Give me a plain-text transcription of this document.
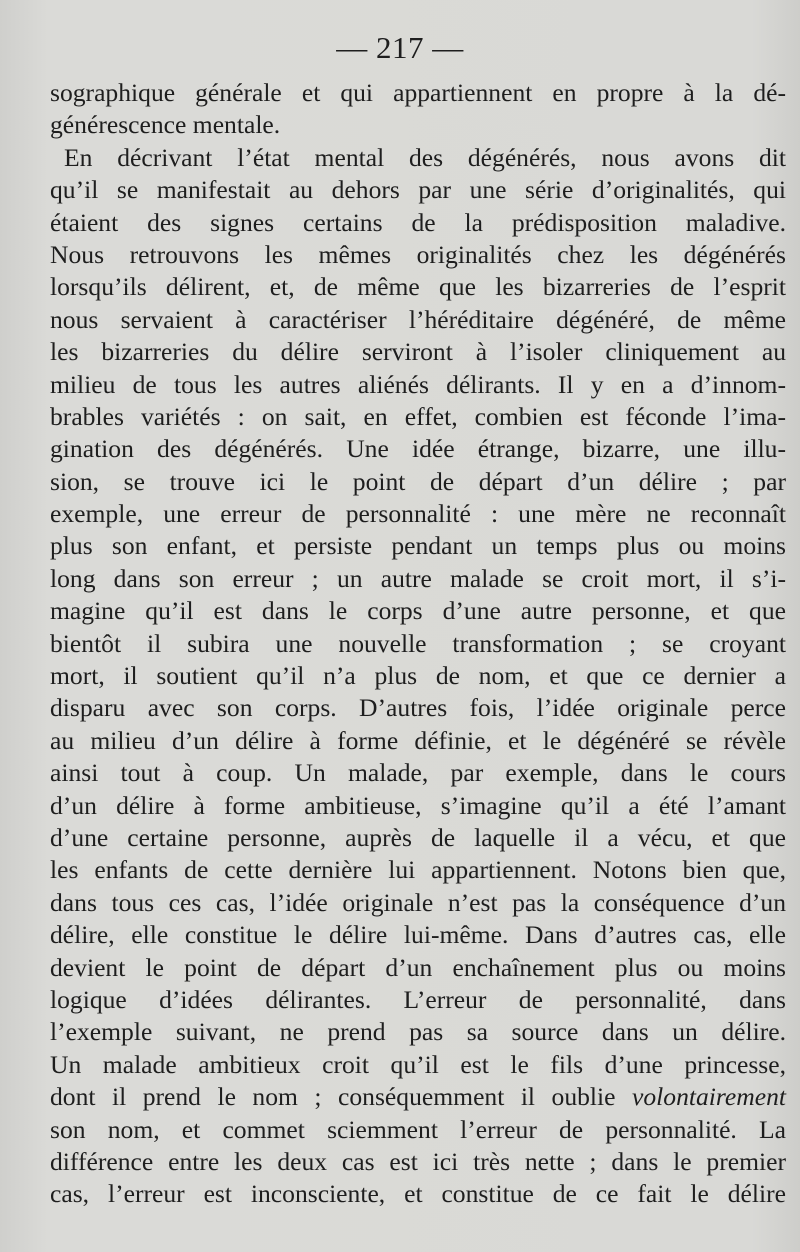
— 217 —
sographique générale et qui appartiennent en propre à la dé-
générescence mentale.
En décrivant l’état mental des dégénérés, nous avons dit
qu’il se manifestait au dehors par une série d’originalités, qui
étaient des signes certains de la prédisposition maladive.
Nous retrouvons les mêmes originalités chez les dégénérés
lorsqu’ils délirent, et, de même que les bizarreries de l’esprit
nous servaient à caractériser l’héréditaire dégénéré, de même
les bizarreries du délire serviront à l’isoler cliniquement au
milieu de tous les autres aliénés délirants. Il y en a d’innom-
brables variétés : on sait, en effet, combien est féconde l’ima-
gination des dégénérés. Une idée étrange, bizarre, une illu-
sion, se trouve ici le point de départ d’un délire ; par
exemple, une erreur de personnalité : une mère ne reconnaît
plus son enfant, et persiste pendant un temps plus ou moins
long dans son erreur ; un autre malade se croit mort, il s’i-
magine qu’il est dans le corps d’une autre personne, et que
bientôt il subira une nouvelle transformation ; se croyant
mort, il soutient qu’il n’a plus de nom, et que ce dernier a
disparu avec son corps. D’autres fois, l’idée originale perce
au milieu d’un délire à forme définie, et le dégénéré se révèle
ainsi tout à coup. Un malade, par exemple, dans le cours
d’un délire à forme ambitieuse, s’imagine qu’il a été l’amant
d’une certaine personne, auprès de laquelle il a vécu, et que
les enfants de cette dernière lui appartiennent. Notons bien que,
dans tous ces cas, l’idée originale n’est pas la conséquence d’un
délire, elle constitue le délire lui-même. Dans d’autres cas, elle
devient le point de départ d’un enchaînement plus ou moins
logique d’idées délirantes. L’erreur de personnalité, dans
l’exemple suivant, ne prend pas sa source dans un délire.
Un malade ambitieux croit qu’il est le fils d’une princesse,
dont il prend le nom ; conséquemment il oublie volontairement
son nom, et commet sciemment l’erreur de personnalité. La
différence entre les deux cas est ici très nette ; dans le premier
cas, l’erreur est inconsciente, et constitue de ce fait le délire
